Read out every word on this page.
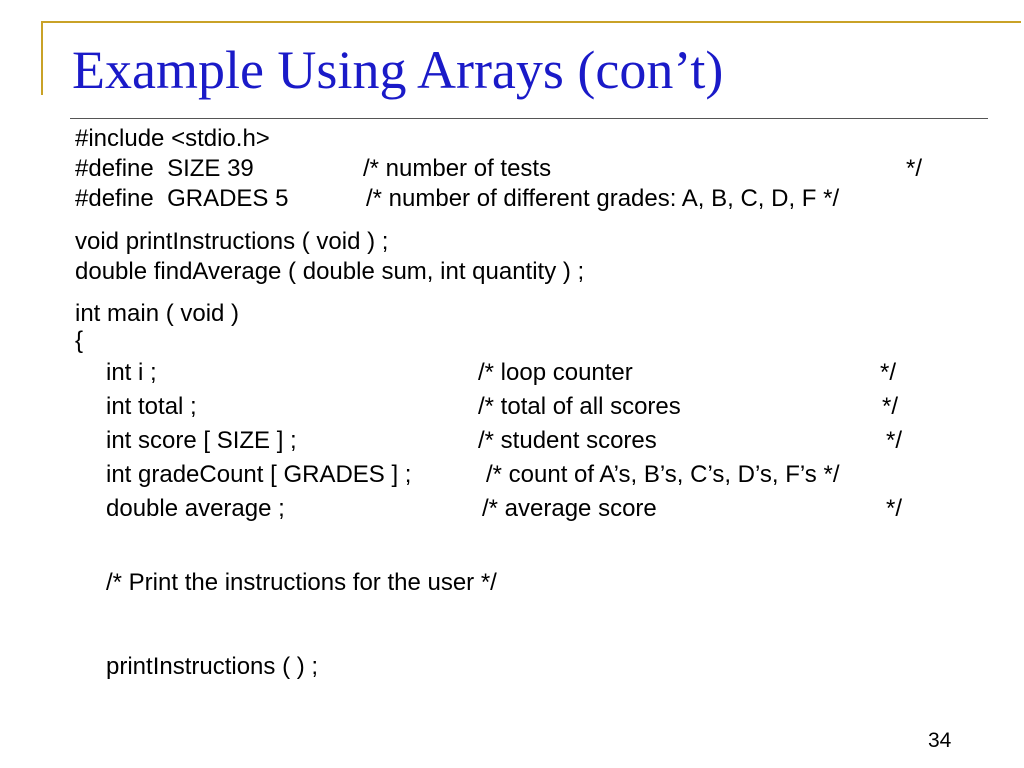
Example Using Arrays (con’t)
#include <stdio.h>
#define  SIZE 39	/* number of tests	*/
#define  GRADES 5	/* number of different grades: A, B, C, D, F */
void printInstructions ( void ) ;
double findAverage ( double sum, int quantity ) ;
int main ( void )
{
int i ;	/* loop counter	*/
int total ;	/* total of all scores	*/
int score [ SIZE ] ;	/* student scores	*/
int gradeCount [ GRADES ] ;	/* count of A’s, B’s, C’s, D’s, F’s */
double average ;	/* average score	*/
/* Print the instructions for the user */
printInstructions ( ) ;
34
